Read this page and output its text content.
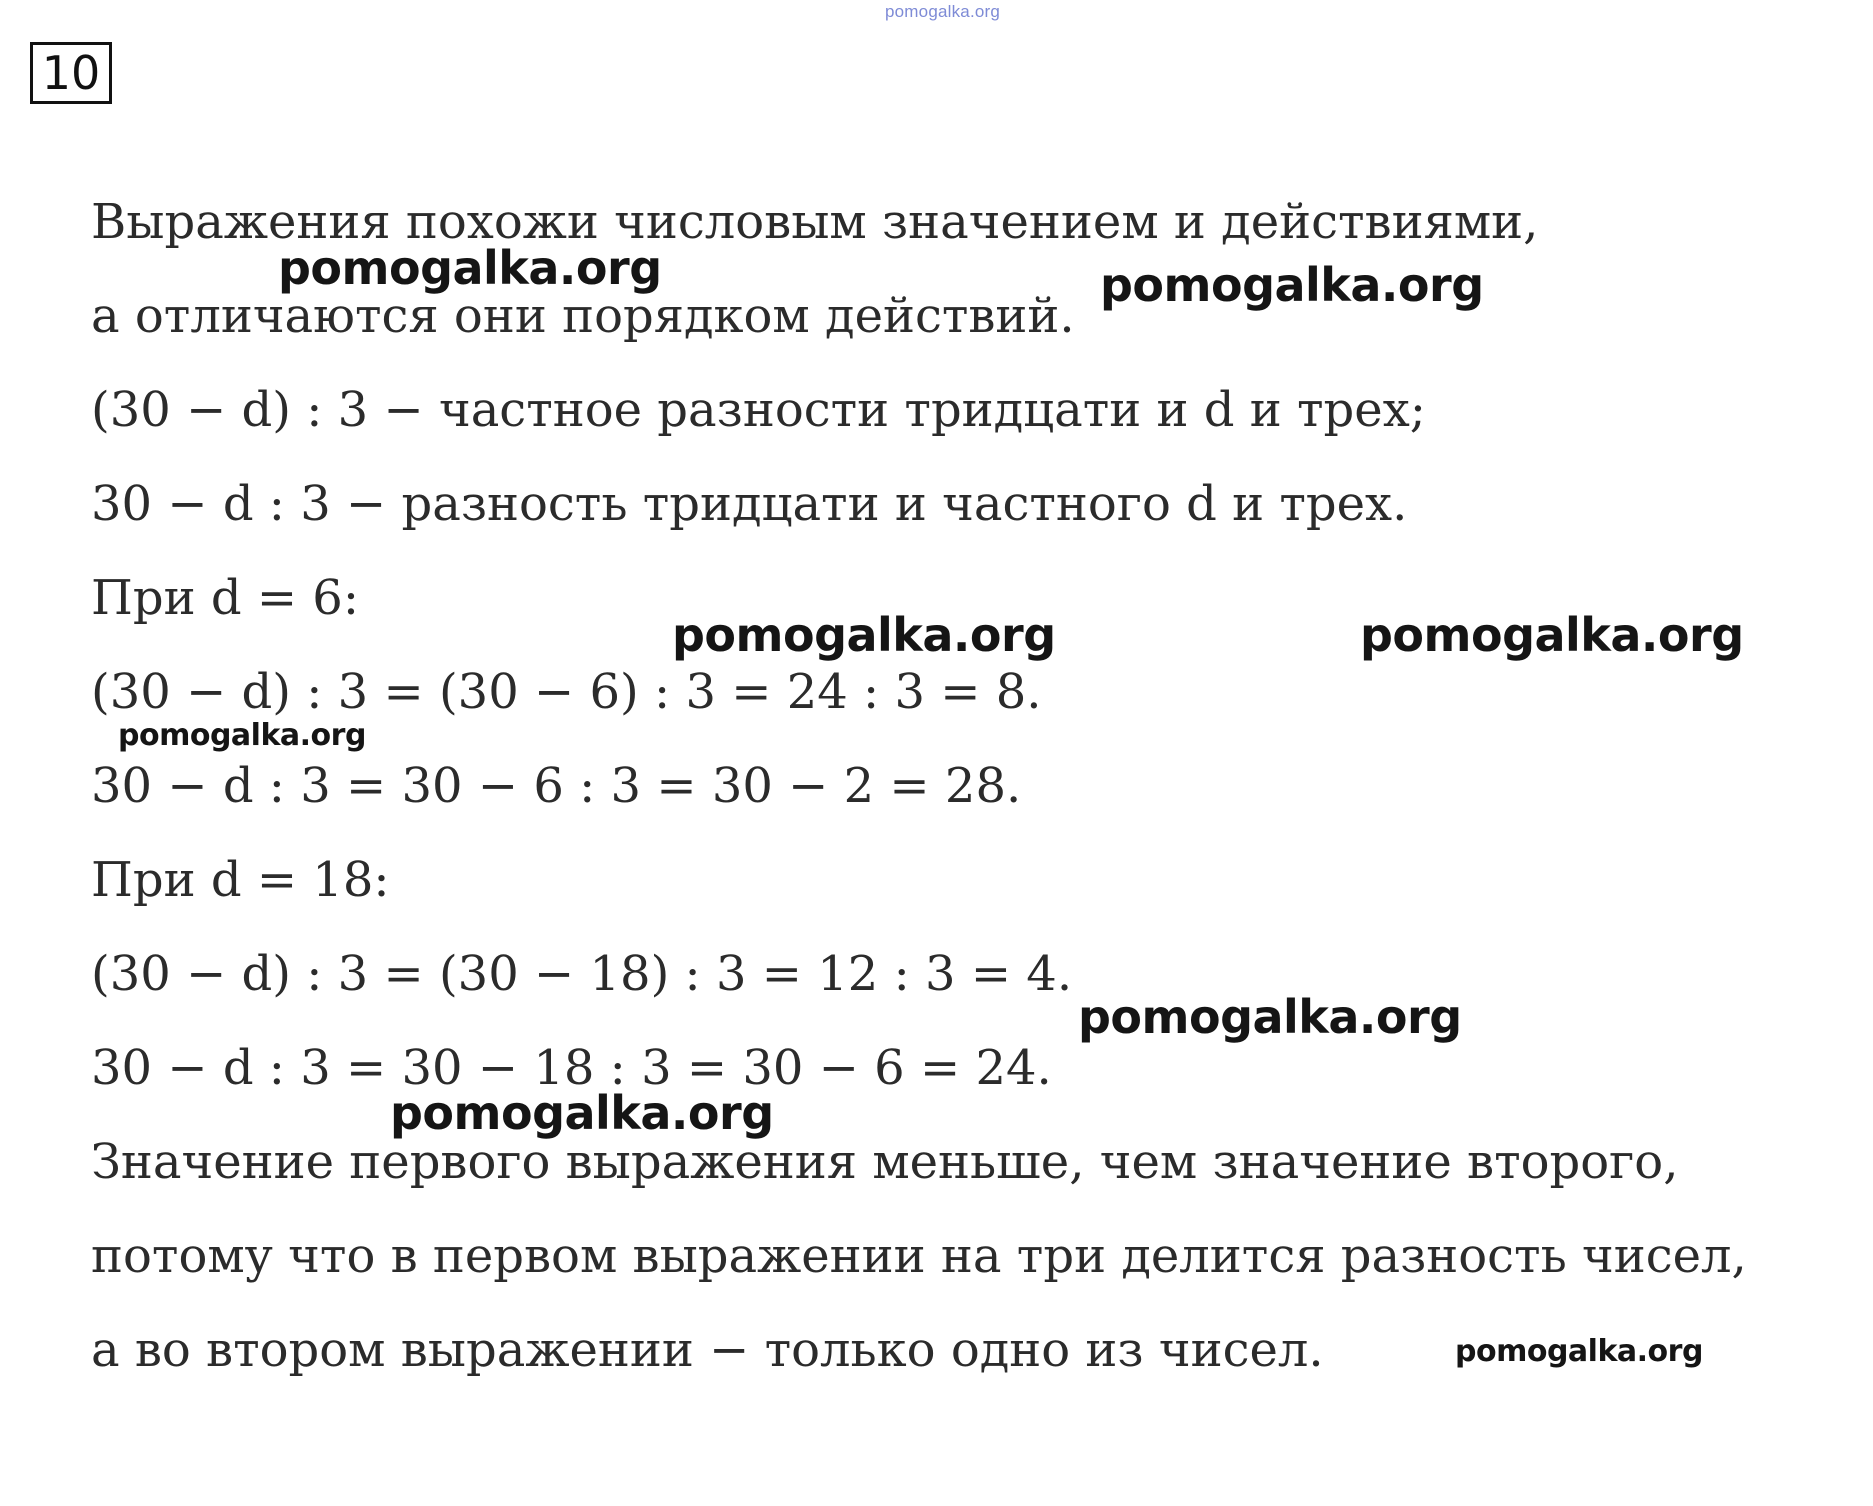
pomogalka.org
10
Выражения похожи числовым значением и действиями,
а отличаются они порядком действий.
(30 − d) : 3 − частное разности тридцати и d и трех;
30 − d : 3 − разность тридцати и частного d и трех.
При d = 6:
(30 − d) : 3 = (30 − 6) : 3 = 24 : 3 = 8.
30 − d : 3 = 30 − 6 : 3 = 30 − 2 = 28.
При d = 18:
(30 − d) : 3 = (30 − 18) : 3 = 12 : 3 = 4.
30 − d : 3 = 30 − 18 : 3 = 30 − 6 = 24.
Значение первого выражения меньше, чем значение второго,
потому что в первом выражении на три делится разность чисел,
а во втором выражении − только одно из чисел.
pomogalka.org	pomogalka.org
pomogalka.org	pomogalka.org
pomogalka.org
pomogalka.org
pomogalka.org
pomogalka.org
